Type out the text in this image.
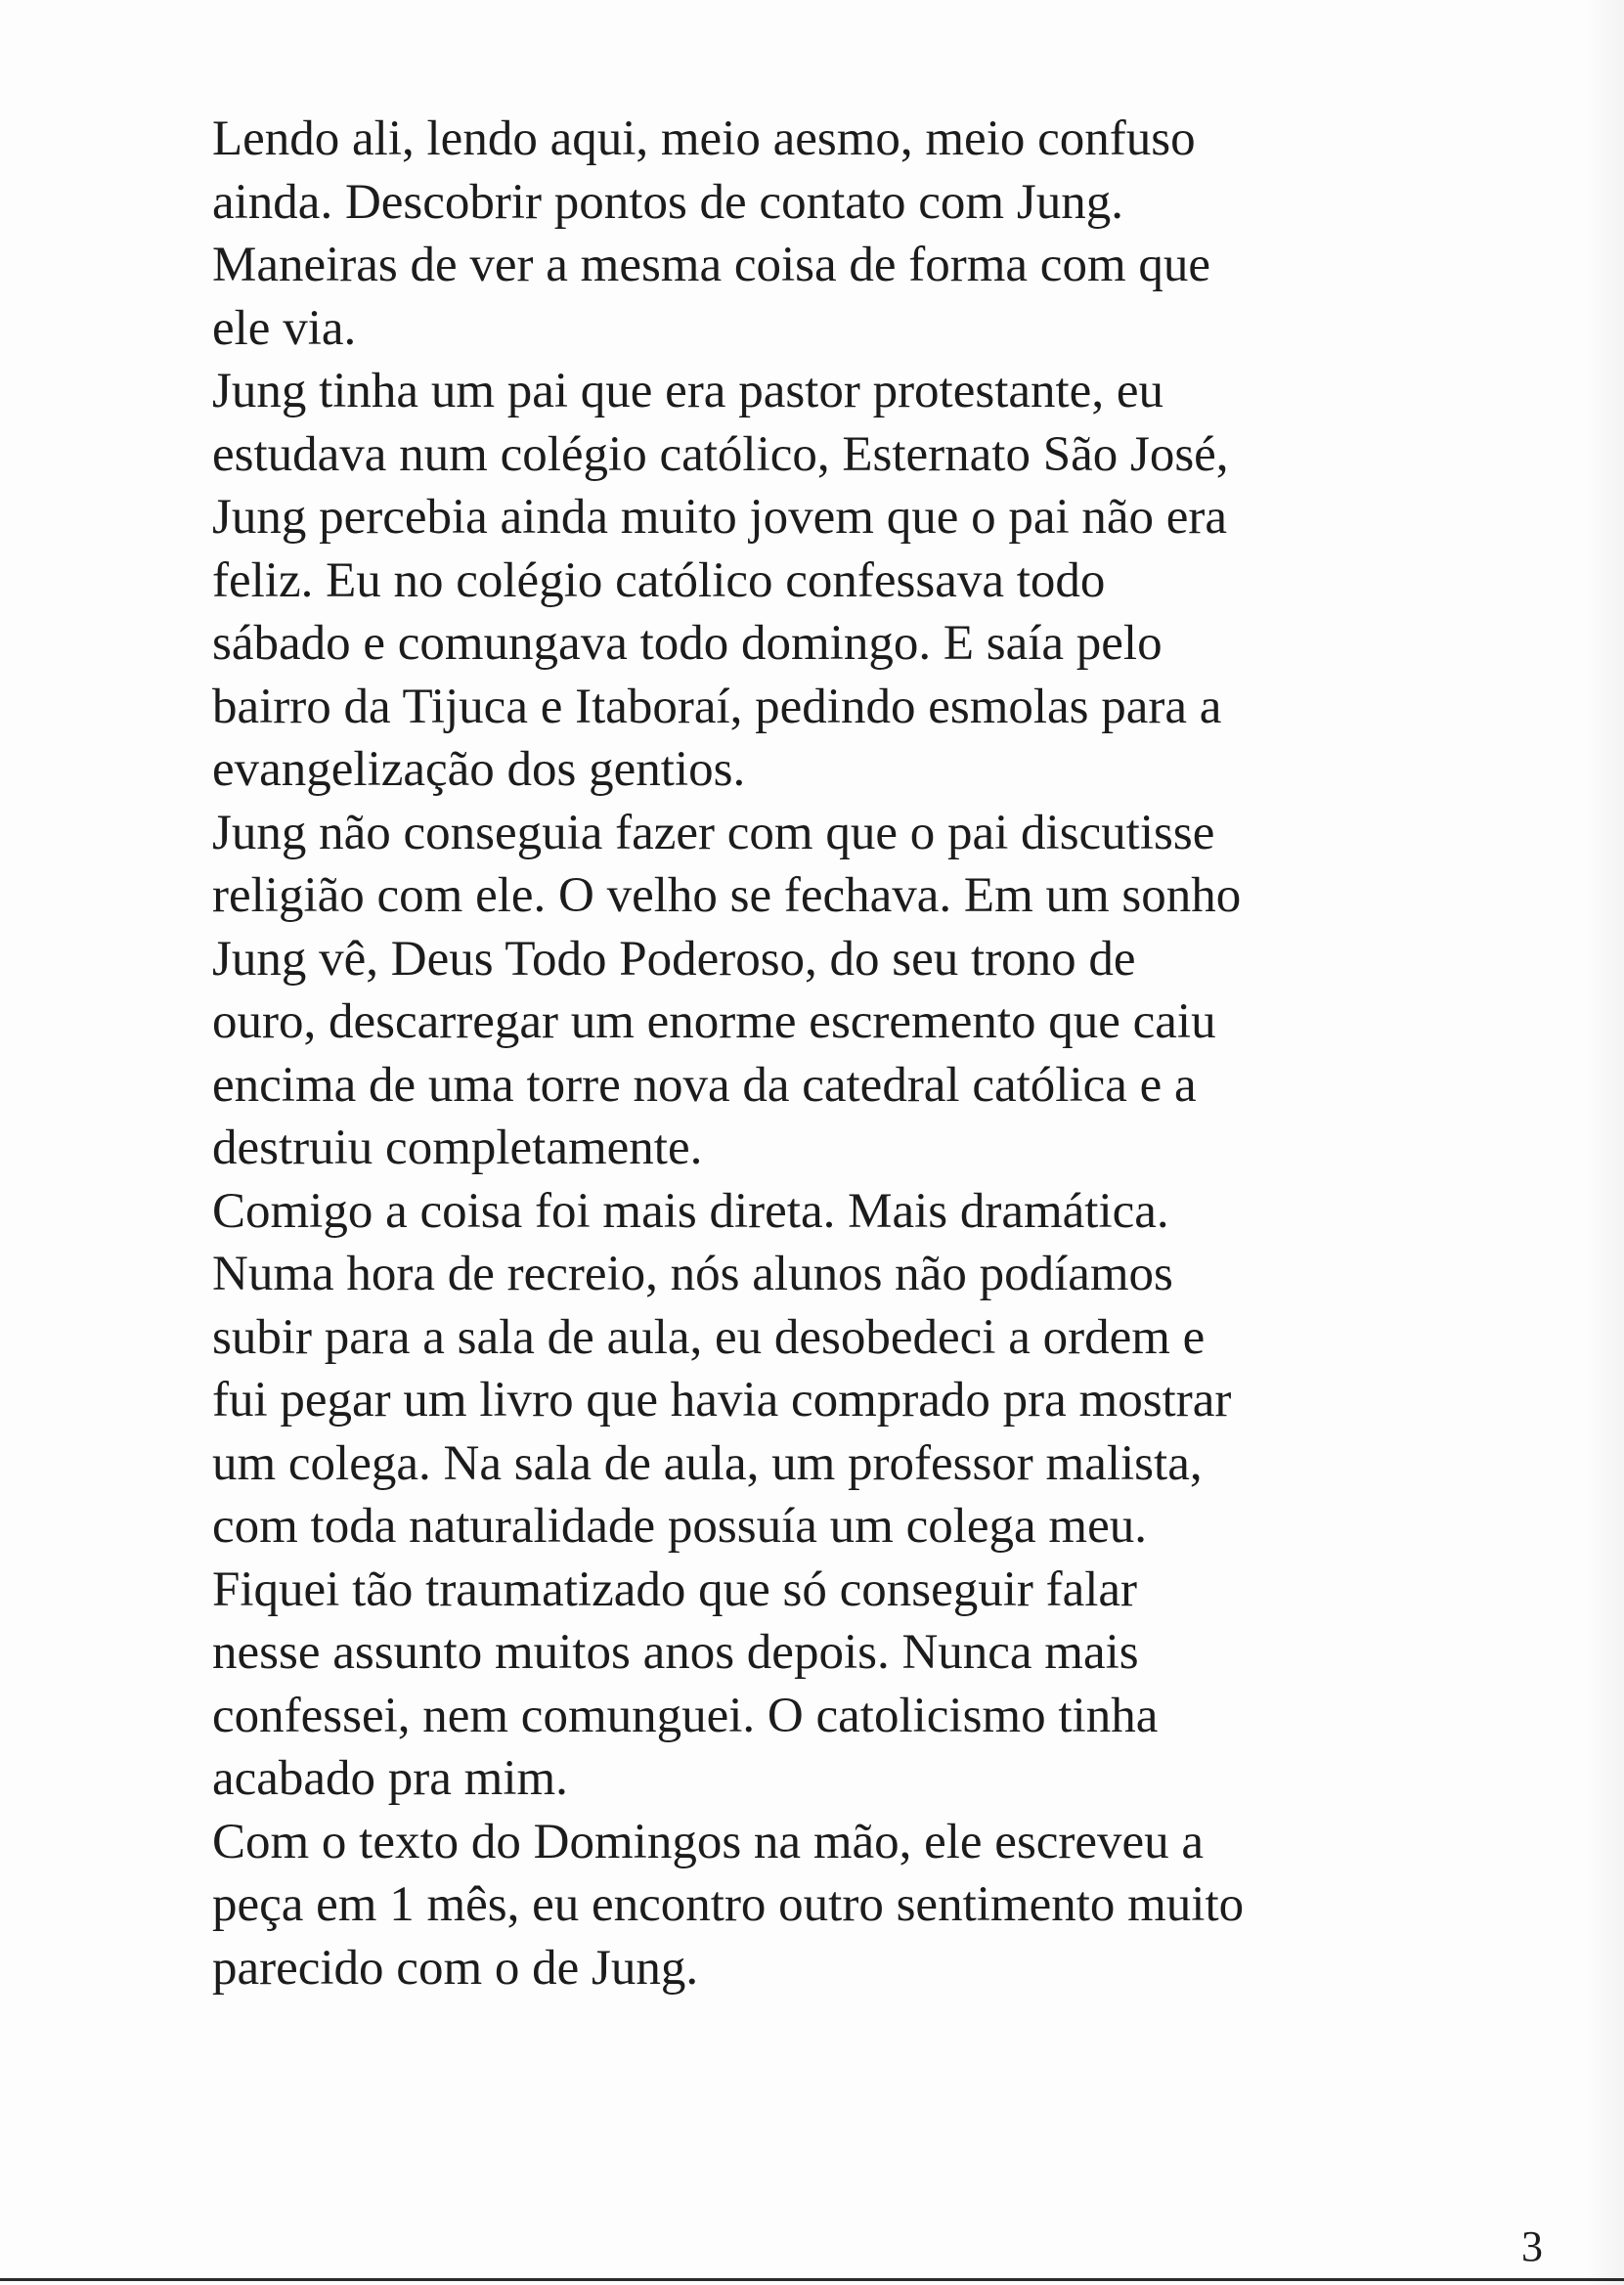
Lendo ali, lendo aqui, meio aesmo, meio confuso
ainda. Descobrir pontos de contato com Jung.
Maneiras de ver a mesma coisa de forma com que
ele via.
Jung tinha um pai que era pastor protestante, eu
estudava num colégio católico, Esternato São José,
Jung percebia ainda muito jovem que o pai não era
feliz. Eu no colégio católico confessava todo
sábado e comungava todo domingo. E saía pelo
bairro da Tijuca e Itaboraí, pedindo esmolas para a
evangelização dos gentios.
Jung não conseguia fazer com que o pai discutisse
religião com ele. O velho se fechava. Em um sonho
Jung vê, Deus Todo Poderoso, do seu trono de
ouro, descarregar um enorme escremento que caiu
encima de uma torre nova da catedral católica e a
destruiu completamente.
Comigo a coisa foi mais direta. Mais dramática.
Numa hora de recreio, nós alunos não podíamos
subir para a sala de aula, eu desobedeci a ordem e
fui pegar um livro que havia comprado pra mostrar
um colega. Na sala de aula, um professor malista,
com toda naturalidade possuía um colega meu.
Fiquei tão traumatizado que só conseguir falar
nesse assunto muitos anos depois. Nunca mais
confessei, nem comunguei. O catolicismo tinha
acabado pra mim.
Com o texto do Domingos na mão, ele escreveu a
peça em 1 mês, eu encontro outro sentimento muito
parecido com o de Jung.
3
